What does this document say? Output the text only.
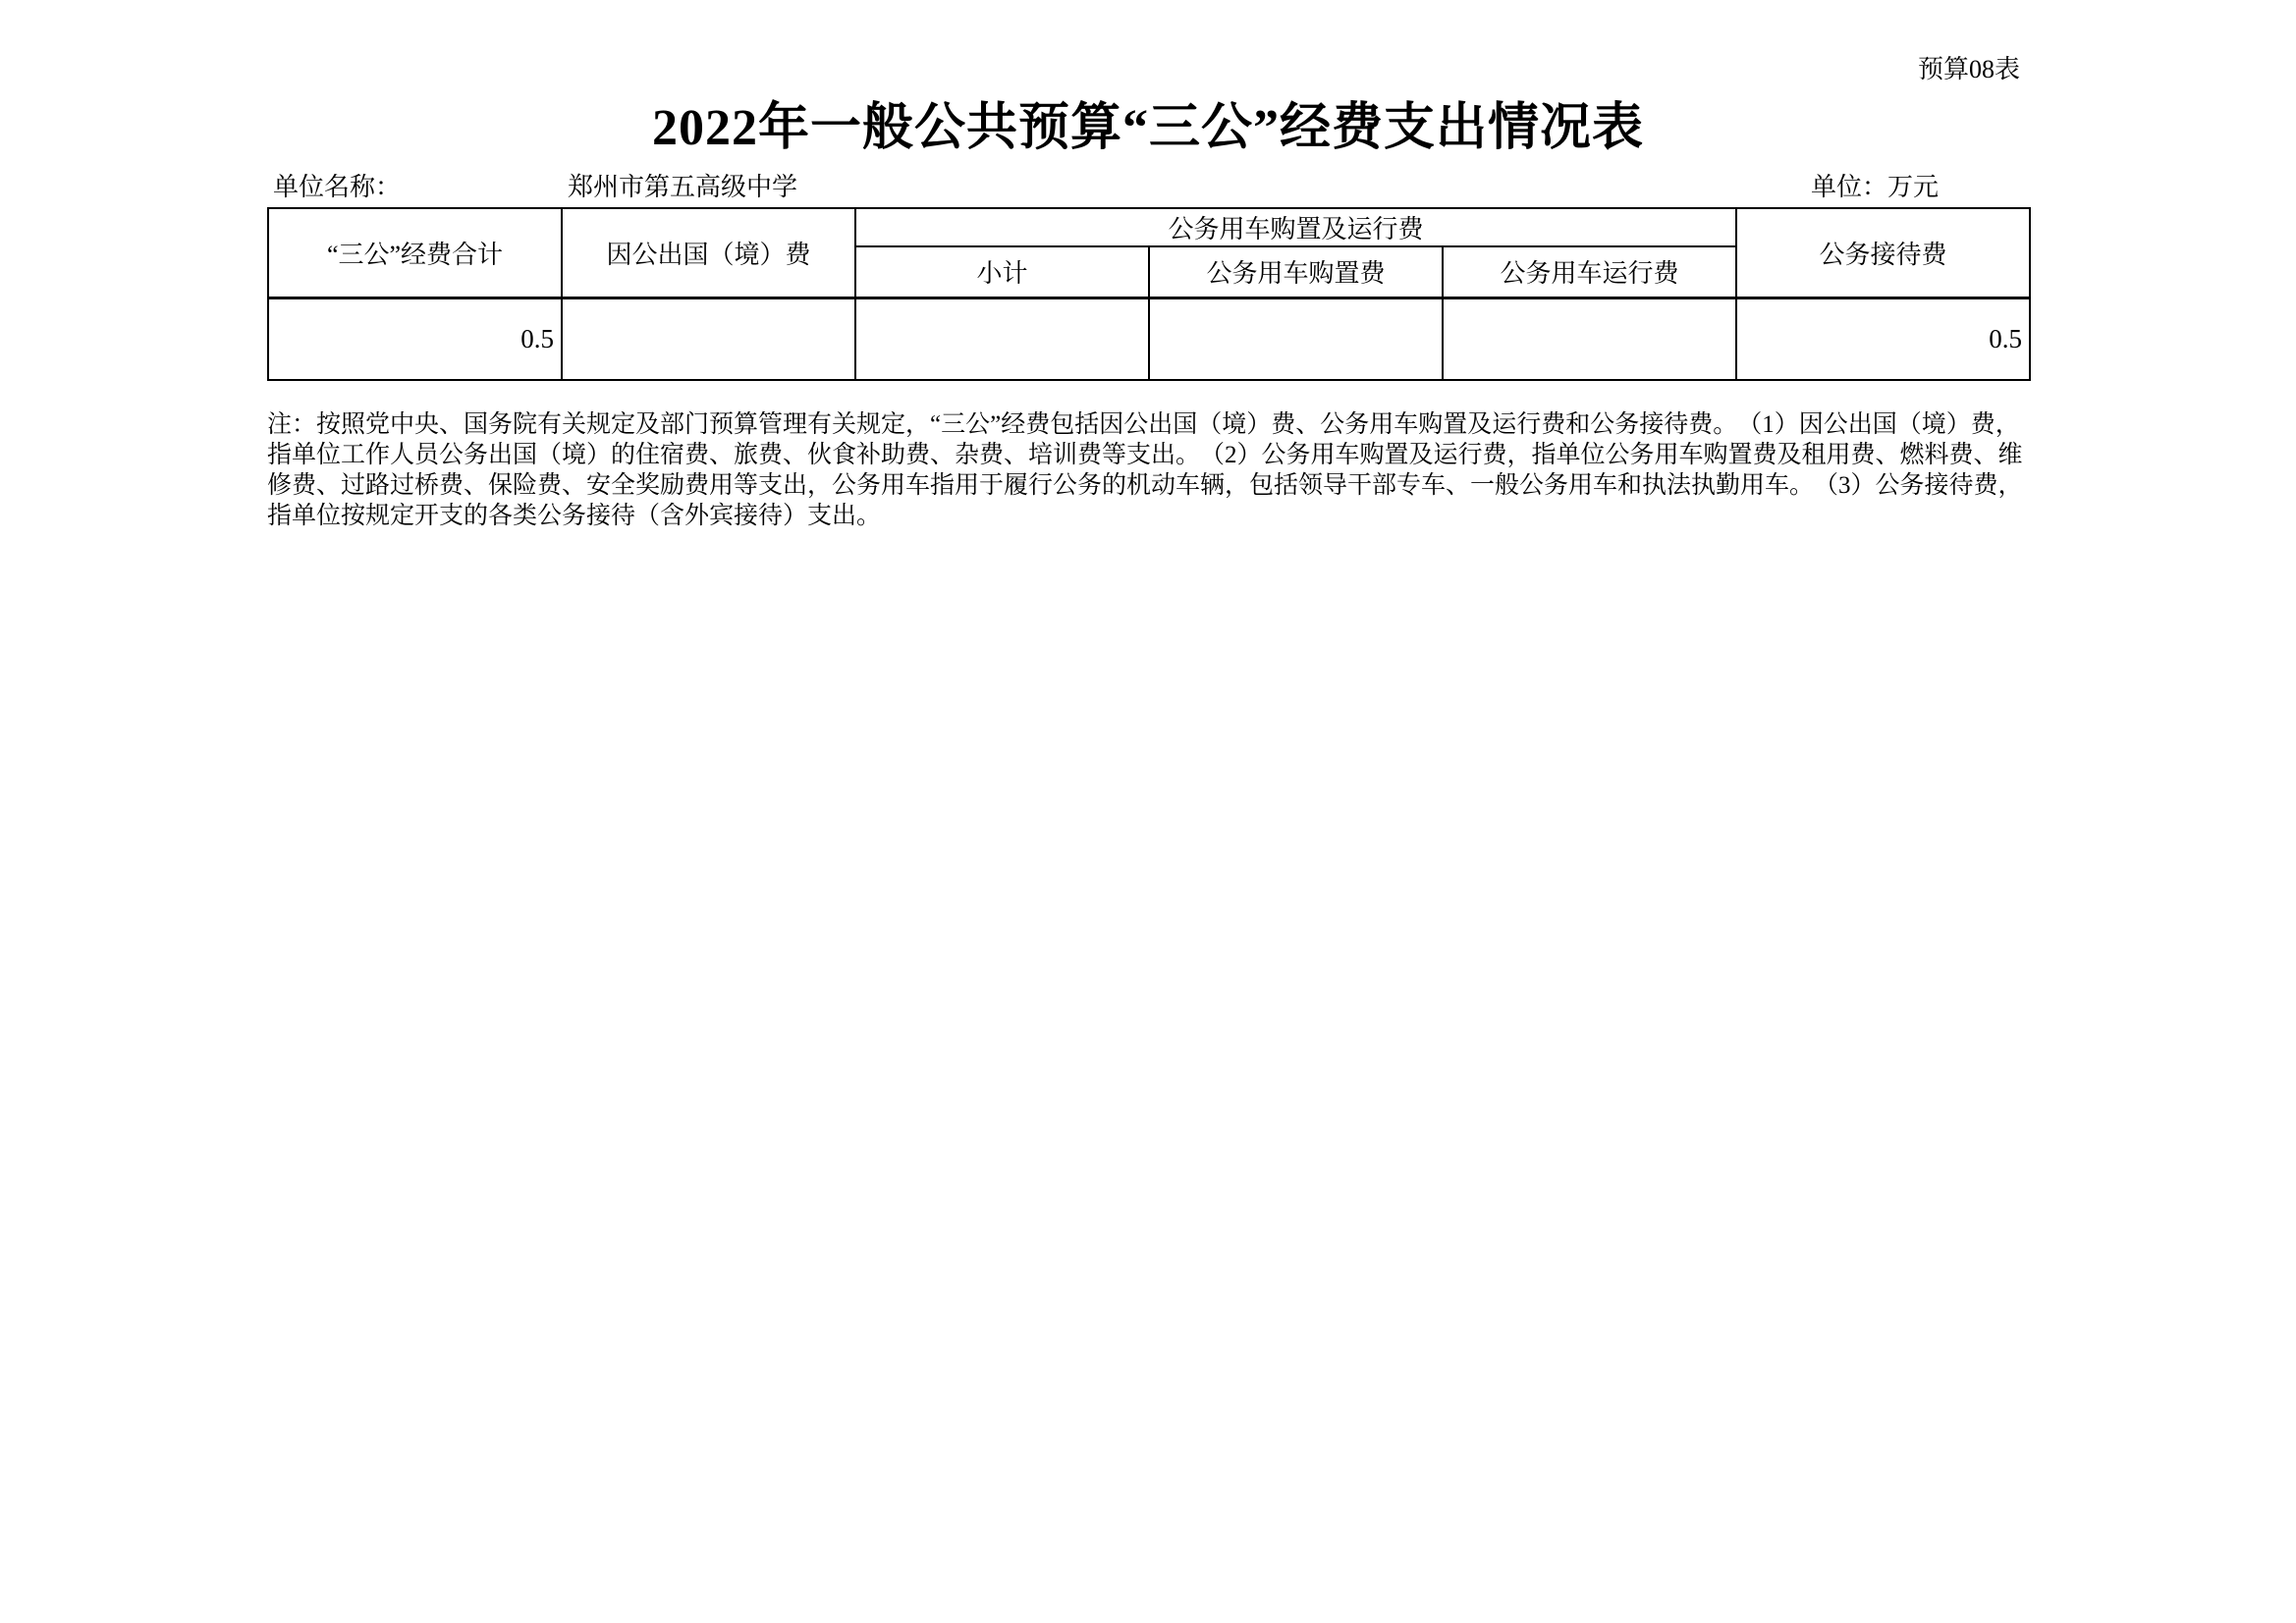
预算08表
2022年一般公共预算“三公”经费支出情况表
单位名称：	郑州市第五高级中学	单位：万元
“三公”经费合计	因公出国（境）费	公务用车购置及运行费			公务接待费
		小计	公务用车购置费	公务用车运行费	
0.5					0.5
注：按照党中央、国务院有关规定及部门预算管理有关规定，“三公”经费包括因公出国（境）费、公务用车购置及运行费和公务接待费。　（1）因公出国（境）费，指单位工作人员公务出国（境）的住宿费、旅费、伙食补助费、杂费、培训费等支出。　（2）公务用车购置及运行费，指单位公务用车购置费及租用费、燃料费、维修费、过路过桥费、保险费、安全奖励费用等支出，公务用车指用于履行公务的机动车辆，包括领导干部专车、一般公务用车和执法执勤用车。　（3）公务接待费，指单位按规定开支的各类公务接待（含外宾接待）支出。
